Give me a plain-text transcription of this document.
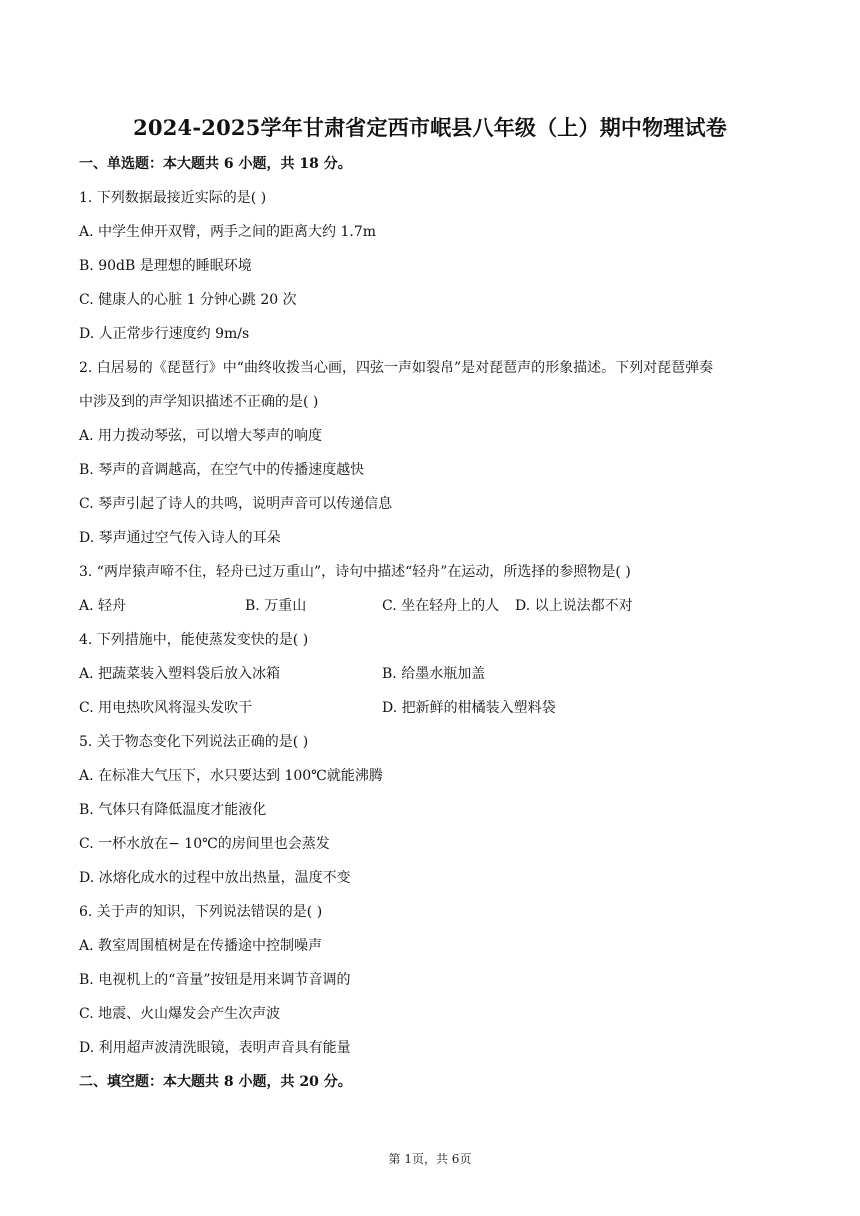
2024-2025学年甘肃省定西市岷县八年级（上）期中物理试卷
一、单选题：本大题共 6 小题，共 18 分。
1. 下列数据最接近实际的是( )
A. 中学生伸开双臂，两手之间的距离大约 1.7m
B. 90dB 是理想的睡眠环境
C. 健康人的心脏 1 分钟心跳 20 次
D. 人正常步行速度约 9m/s
2. 白居易的《琵琶行》中“曲终收拨当心画，四弦一声如裂帛”是对琵琶声的形象描述。下列对琵琶弹奏
中涉及到的声学知识描述不正确的是( )
A. 用力拨动琴弦，可以增大琴声的响度
B. 琴声的音调越高，在空气中的传播速度越快
C. 琴声引起了诗人的共鸣，说明声音可以传递信息
D. 琴声通过空气传入诗人的耳朵
3. “两岸猿声啼不住，轻舟已过万重山”，诗句中描述“轻舟”在运动，所选择的参照物是( )
A. 轻舟	B. 万重山	C. 坐在轻舟上的人 D. 以上说法都不对
4. 下列措施中，能使蒸发变快的是( )
A. 把蔬菜装入塑料袋后放入冰箱	B. 给墨水瓶加盖
C. 用电热吹风将湿头发吹干	D. 把新鲜的柑橘装入塑料袋
5. 关于物态变化下列说法正确的是( )
A. 在标准大气压下，水只要达到 100℃就能沸腾
B. 气体只有降低温度才能液化
C. 一杯水放在− 10℃的房间里也会蒸发
D. 冰熔化成水的过程中放出热量，温度不变
6. 关于声的知识，下列说法错误的是( )
A. 教室周围植树是在传播途中控制噪声
B. 电视机上的“音量”按钮是用来调节音调的
C. 地震、火山爆发会产生次声波
D. 利用超声波清洗眼镜，表明声音具有能量
二、填空题：本大题共 8 小题，共 20 分。
第 1页，共 6页
